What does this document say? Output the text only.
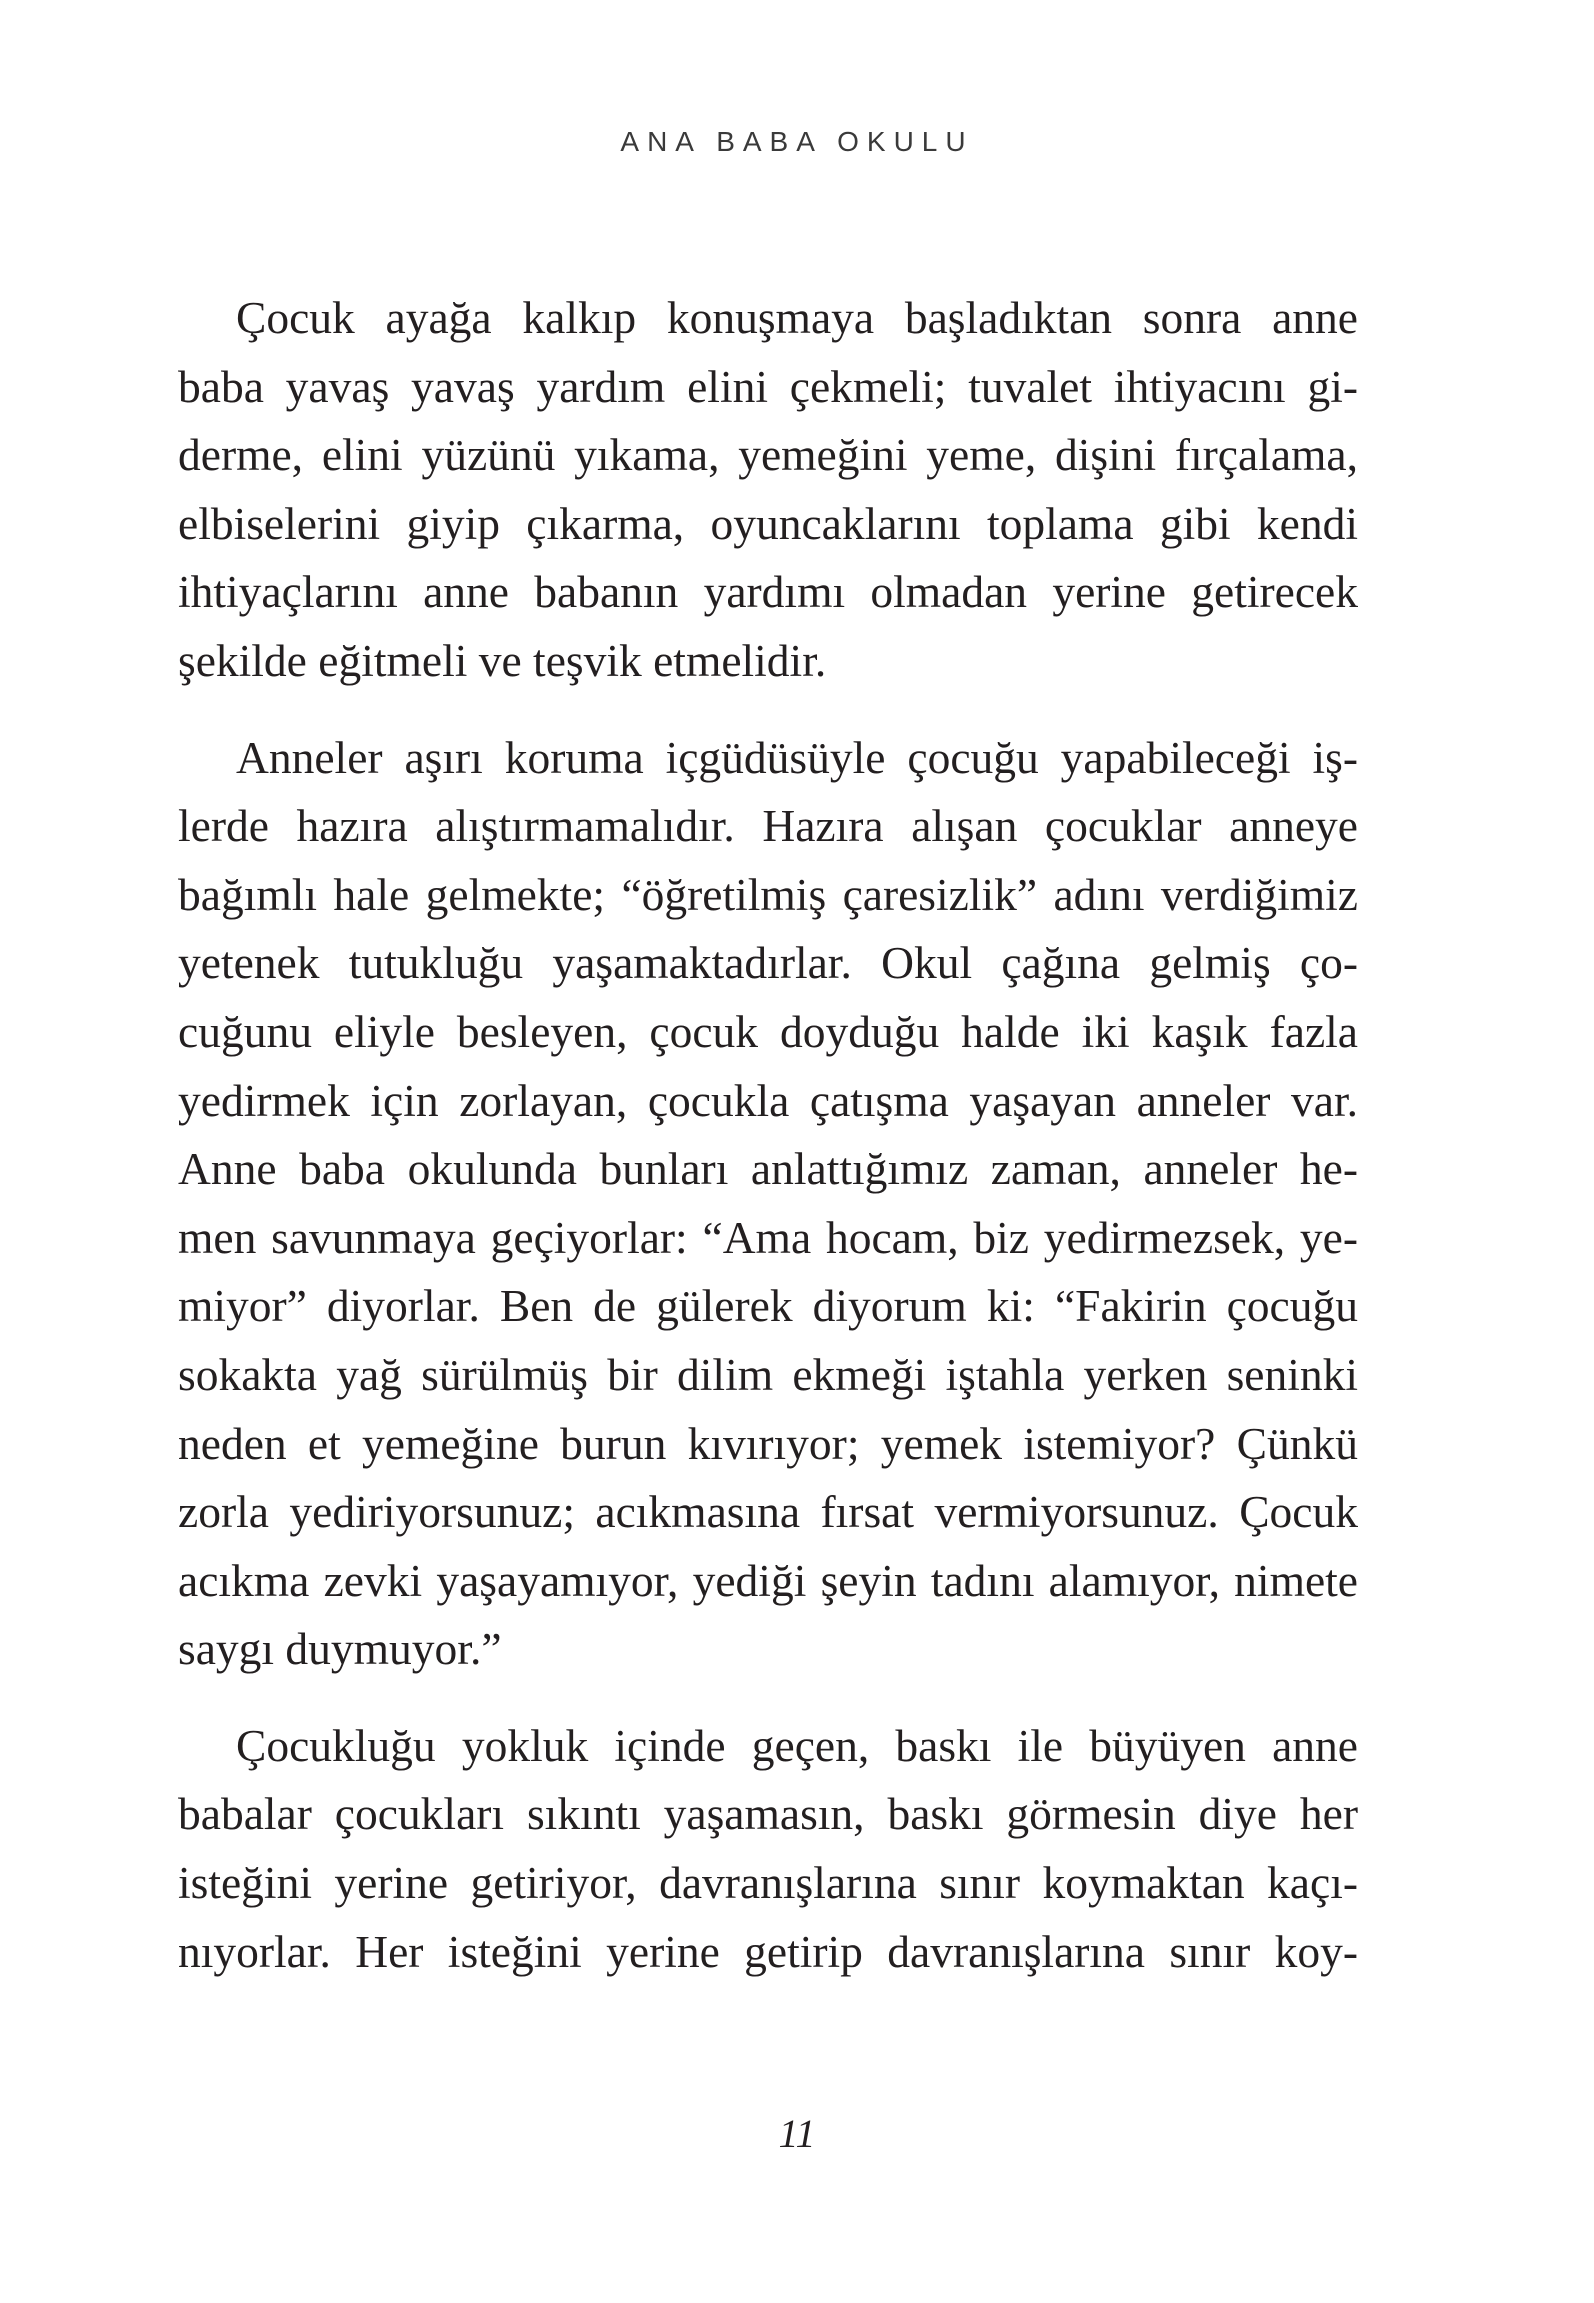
ANA BABA OKULU

Çocuk ayağa kalkıp konuşmaya başladıktan sonra anne
baba yavaş yavaş yardım elini çekmeli; tuvalet ihtiyacını gi-
derme, elini yüzünü yıkama, yemeğini yeme, dişini fırçalama,
elbiselerini giyip çıkarma, oyuncaklarını toplama gibi kendi
ihtiyaçlarını anne babanın yardımı olmadan yerine getirecek
şekilde eğitmeli ve teşvik etmelidir.

Anneler aşırı koruma içgüdüsüyle çocuğu yapabileceği iş-
lerde hazıra alıştırmamalıdır. Hazıra alışan çocuklar anneye
bağımlı hale gelmekte; “öğretilmiş çaresizlik” adını verdiğimiz
yetenek tutukluğu yaşamaktadırlar. Okul çağına gelmiş ço-
cuğunu eliyle besleyen, çocuk doyduğu halde iki kaşık fazla
yedirmek için zorlayan, çocukla çatışma yaşayan anneler var.
Anne baba okulunda bunları anlattığımız zaman, anneler he-
men savunmaya geçiyorlar: “Ama hocam, biz yedirmezsek, ye-
miyor” diyorlar. Ben de gülerek diyorum ki: “Fakirin çocuğu
sokakta yağ sürülmüş bir dilim ekmeği iştahla yerken seninki
neden et yemeğine burun kıvırıyor; yemek istemiyor? Çünkü
zorla yediriyorsunuz; acıkmasına fırsat vermiyorsunuz. Çocuk
acıkma zevki yaşayamıyor, yediği şeyin tadını alamıyor, nimete
saygı duymuyor.”

Çocukluğu yokluk içinde geçen, baskı ile büyüyen anne
babalar çocukları sıkıntı yaşamasın, baskı görmesin diye her
isteğini yerine getiriyor, davranışlarına sınır koymaktan kaçı-
nıyorlar. Her isteğini yerine getirip davranışlarına sınır koy-

11
